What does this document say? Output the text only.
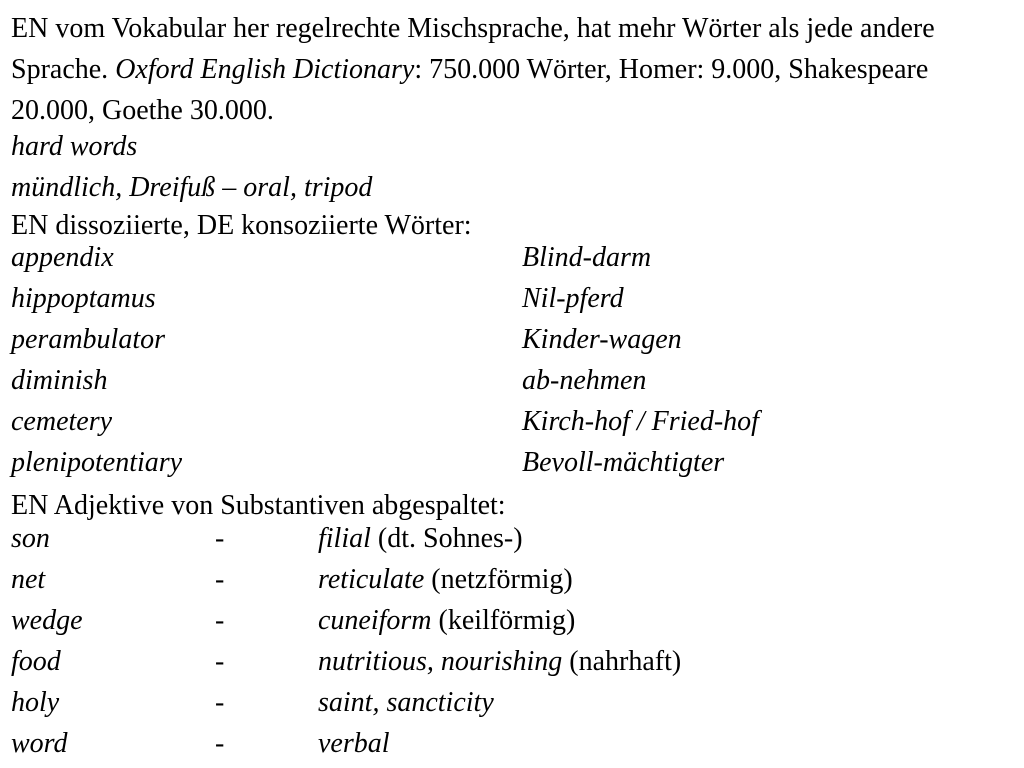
EN vom Vokabular her regelrechte Mischsprache, hat mehr Wörter als jede andere Sprache. Oxford English Dictionary: 750.000 Wörter, Homer: 9.000, Shakespeare 20.000, Goethe 30.000.
hard words
mündlich, Dreifuß – oral, tripod
EN dissoziierte, DE konsoziierte Wörter:
appendix	Blind-darm
hippoptamus	Nil-pferd
perambulator	Kinder-wagen
diminish	ab-nehmen
cemetery	Kirch-hof / Fried-hof
plenipotentiary	Bevoll-mächtigter
EN Adjektive von Substantiven abgespaltet:
son	-	filial (dt. Sohnes-)
net	-	reticulate (netzförmig)
wedge	-	cuneiform (keilförmig)
food	-	nutritious, nourishing (nahrhaft)
holy	-	saint, sancticity
word	-	verbal
